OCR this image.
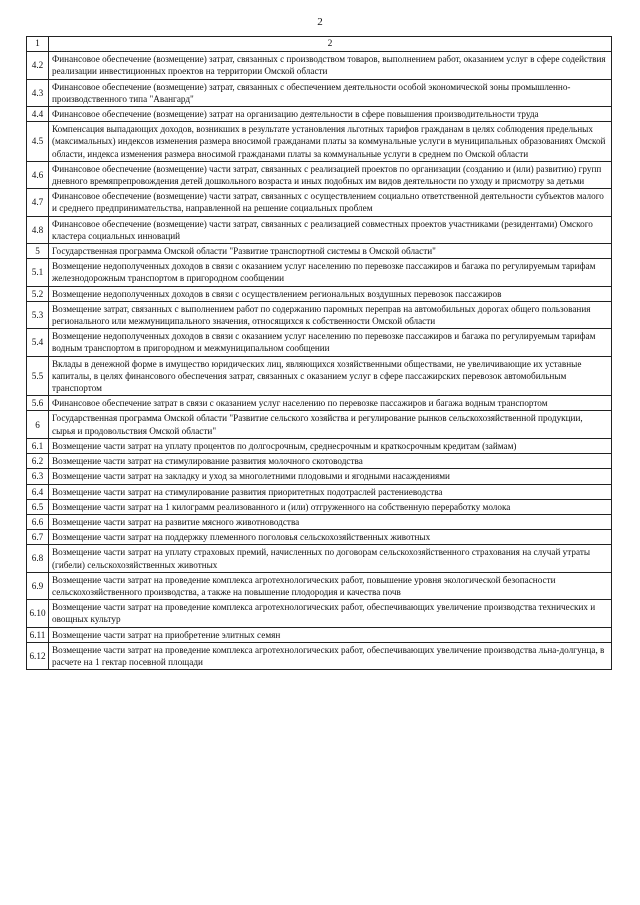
2
1	2
4.2	Финансовое обеспечение (возмещение) затрат, связанных с производством товаров, выполнением работ, оказанием услуг в сфере содействия реализации инвестиционных проектов на территории Омской области
4.3	Финансовое обеспечение (возмещение) затрат, связанных с обеспечением деятельности особой экономической зоны промышленно-производственного типа "Авангард"
4.4	Финансовое обеспечение (возмещение) затрат на организацию деятельности в сфере повышения производительности труда
4.5	Компенсация выпадающих доходов, возникших в результате установления льготных тарифов гражданам в целях соблюдения предельных (максимальных) индексов изменения размера вносимой гражданами платы за коммунальные услуги в муниципальных образованиях Омской области, индекса изменения размера вносимой гражданами платы за коммунальные услуги в среднем по Омской области
4.6	Финансовое обеспечение (возмещение) части затрат, связанных с реализацией проектов по организации (созданию и (или) развитию) групп дневного времяпрепровождения детей дошкольного возраста и иных подобных им видов деятельности по уходу и присмотру за детьми
4.7	Финансовое обеспечение (возмещение) части затрат, связанных с осуществлением социально ответственной деятельности субъектов малого и среднего предпринимательства, направленной на решение социальных проблем
4.8	Финансовое обеспечение (возмещение) части затрат, связанных с реализацией совместных проектов участниками (резидентами) Омского кластера социальных инноваций
5	Государственная программа Омской области "Развитие транспортной системы в Омской области"
5.1	Возмещение недополученных доходов в связи с оказанием услуг населению по перевозке пассажиров и багажа по регулируемым тарифам железнодорожным транспортом в пригородном сообщении
5.2	Возмещение недополученных доходов в связи с осуществлением региональных воздушных перевозок пассажиров
5.3	Возмещение затрат, связанных с выполнением работ по содержанию паромных переправ на автомобильных дорогах общего пользования регионального или межмуниципального значения, относящихся к собственности Омской области
5.4	Возмещение недополученных доходов в связи с оказанием услуг населению по перевозке пассажиров и багажа по регулируемым тарифам водным транспортом в пригородном и межмуниципальном сообщении
5.5	Вклады в денежной форме в имущество юридических лиц, являющихся хозяйственными обществами, не увеличивающие их уставные капиталы, в целях финансового обеспечения затрат, связанных с оказанием услуг в сфере пассажирских перевозок автомобильным транспортом
5.6	Финансовое обеспечение затрат в связи с оказанием услуг населению по перевозке пассажиров и багажа водным транспортом
6	Государственная программа Омской области "Развитие сельского хозяйства и регулирование рынков сельскохозяйственной продукции, сырья и продовольствия Омской области"
6.1	Возмещение части затрат на уплату процентов по долгосрочным, среднесрочным и краткосрочным кредитам (займам)
6.2	Возмещение части затрат на стимулирование развития молочного скотоводства
6.3	Возмещение части затрат на закладку и уход за многолетними плодовыми и ягодными насаждениями
6.4	Возмещение части затрат на стимулирование развития приоритетных подотраслей растениеводства
6.5	Возмещение части затрат на 1 килограмм реализованного и (или) отгруженного на собственную переработку молока
6.6	Возмещение части затрат на развитие мясного животноводства
6.7	Возмещение части затрат на поддержку племенного поголовья сельскохозяйственных животных
6.8	Возмещение части затрат на уплату страховых премий, начисленных по договорам сельскохозяйственного страхования на случай утраты (гибели) сельскохозяйственных животных
6.9	Возмещение части затрат на проведение комплекса агротехнологических работ, повышение уровня экологической безопасности сельскохозяйственного производства, а также на повышение плодородия и качества почв
6.10	Возмещение части затрат на проведение комплекса агротехнологических работ, обеспечивающих увеличение производства технических и овощных культур
6.11	Возмещение части затрат на приобретение элитных семян
6.12	Возмещение части затрат на проведение комплекса агротехнологических работ, обеспечивающих увеличение производства льна-долгунца, в расчете на 1 гектар посевной площади
